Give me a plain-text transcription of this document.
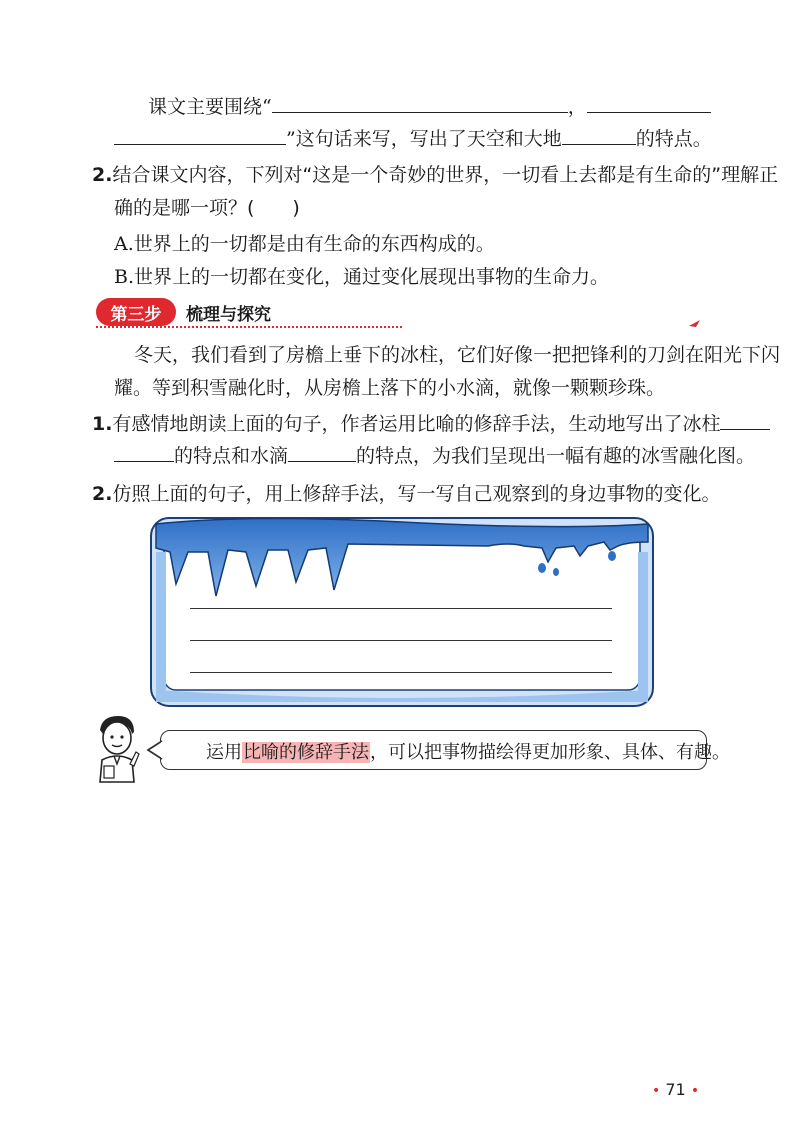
课文主要围绕“	，
”这句话来写，写出了天空和大地	的特点。
2.结合课文内容，下列对“这是一个奇妙的世界，一切看上去都是有生命的”理解正
确的是哪一项？(　　)
A.世界上的一切都是由有生命的东西构成的。
B.世界上的一切都在变化，通过变化展现出事物的生命力。
第三步	梳理与探究
冬天，我们看到了房檐上垂下的冰柱，它们好像一把把锋利的刀剑在阳光下闪
耀。等到积雪融化时，从房檐上落下的小水滴，就像一颗颗珍珠。
1.有感情地朗读上面的句子，作者运用比喻的修辞手法，生动地写出了冰柱
的特点和水滴	的特点，为我们呈现出一幅有趣的冰雪融化图。
2.仿照上面的句子，用上修辞手法，写一写自己观察到的身边事物的变化。
运用比喻的修辞手法，可以把事物描绘得更加形象、具体、有趣。
• 71 •
